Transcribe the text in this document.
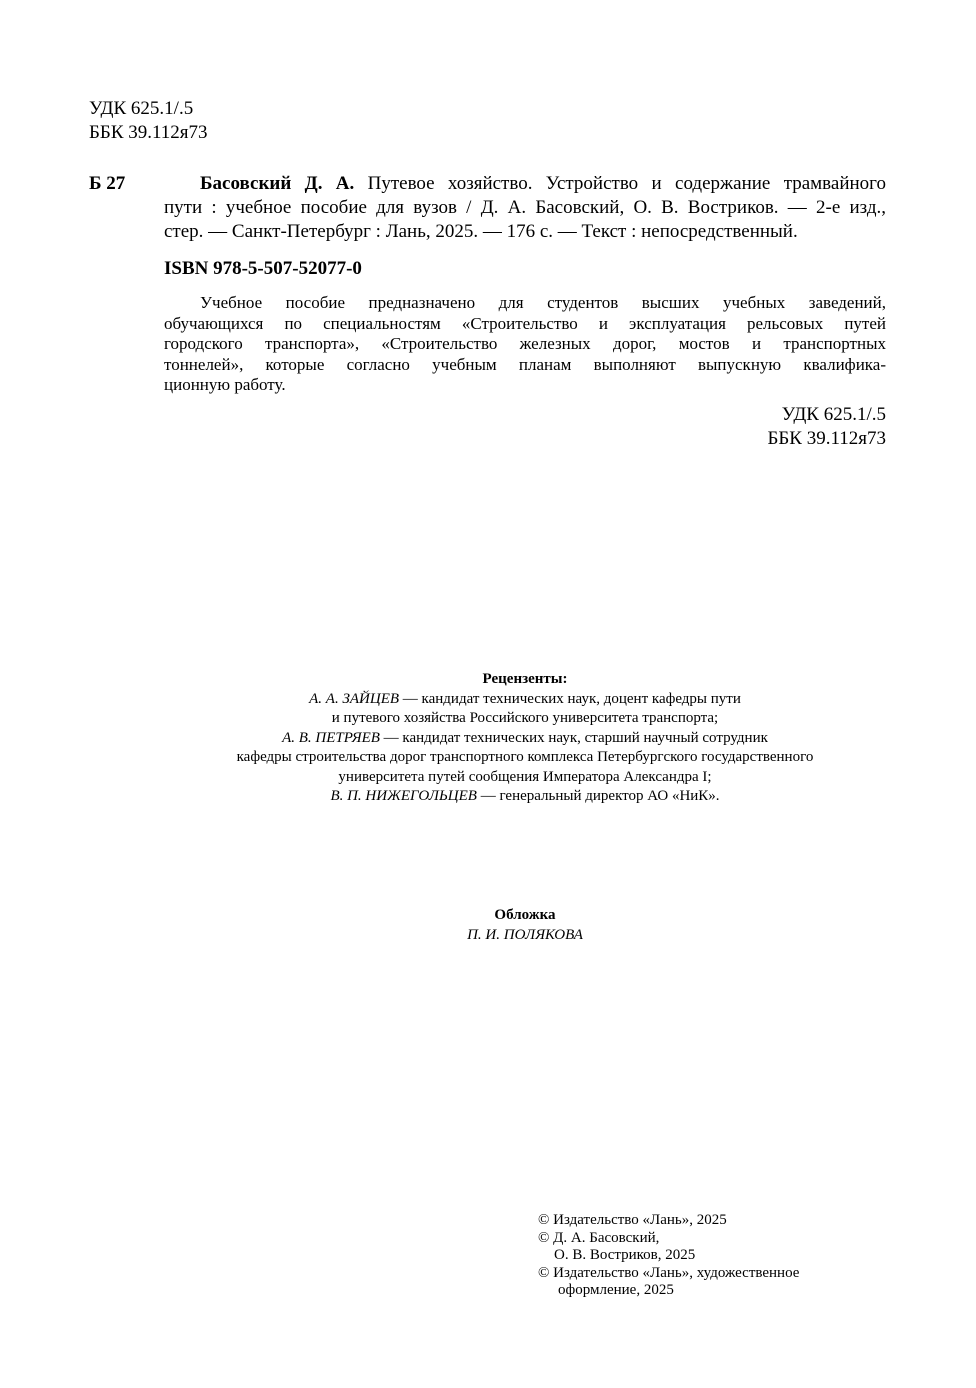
УДК 625.1/.5
ББК 39.112я73
Б 27	Басовский Д. А. Путевое хозяйство. Устройство и содержание трамвайного
пути : учебное пособие для вузов / Д. А. Басовский, О. В. Востриков. — 2-е изд.,
стер. — Санкт-Петербург : Лань, 2025. — 176 с. — Текст : непосредственный.
ISBN 978-5-507-52077-0
Учебное пособие предназначено для студентов высших учебных заведений,
обучающихся по специальностям «Строительство и эксплуатация рельсовых путей
городского транспорта», «Строительство железных дорог, мостов и транспортных
тоннелей», которые согласно учебным планам выполняют выпускную квалифика-
ционную работу.
УДК 625.1/.5
ББК 39.112я73
Рецензенты:
А. А. ЗАЙЦЕВ — кандидат технических наук, доцент кафедры пути
и путевого хозяйства Российского университета транспорта;
А. В. ПЕТРЯЕВ — кандидат технических наук, старший научный сотрудник
кафедры строительства дорог транспортного комплекса Петербургского государственного
университета путей сообщения Императора Александра I;
В. П. НИЖЕГОЛЬЦЕВ — генеральный директор АО «НиК».
Обложка
П. И. ПОЛЯКОВА
© Издательство «Лань», 2025
© Д. А. Басовский,
О. В. Востриков, 2025
© Издательство «Лань», художественное
оформление, 2025
